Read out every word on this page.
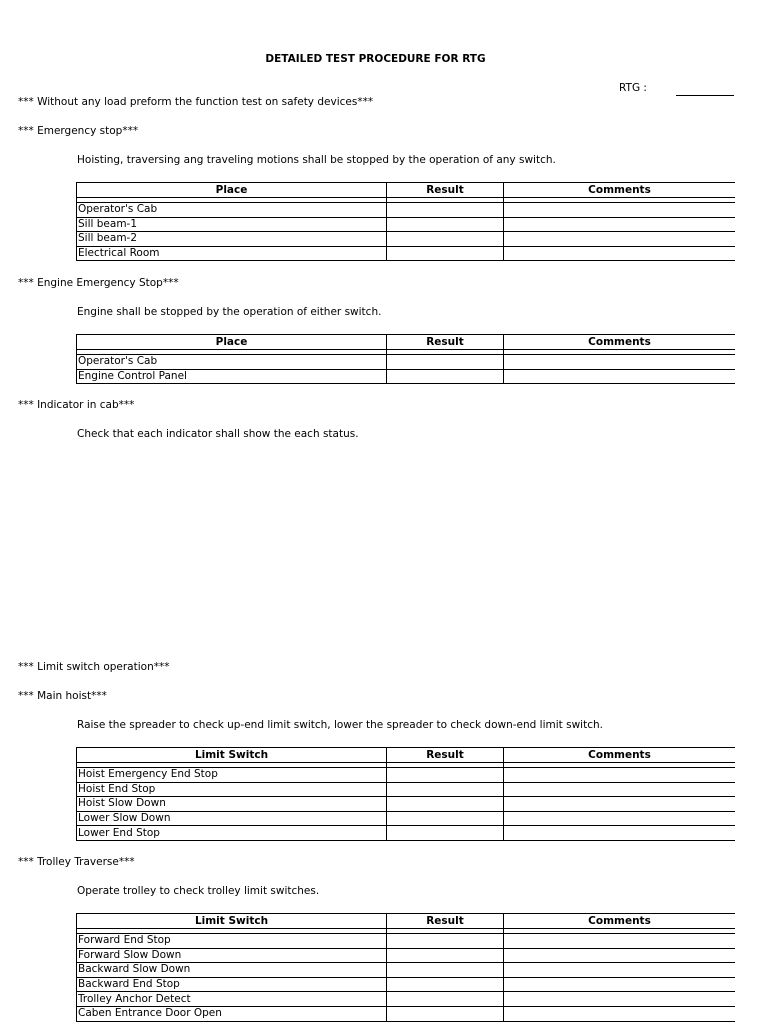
DETAILED TEST PROCEDURE FOR RTG
RTG :
*** Without any load preform the function test on safety devices***
*** Emergency stop***
Hoisting, traversing ang traveling motions shall be stopped by the operation of any switch.
Place	Result	Comments

Operator's Cab		
Sill beam-1		
Sill beam-2		
Electrical Room		
*** Engine Emergency Stop***
Engine shall be stopped by the operation of either switch.
Place	Result	Comments

Operator's Cab		
Engine Control Panel		
*** Indicator in cab***
Check that each indicator shall show the each status.
*** Limit switch operation***
*** Main hoist***
Raise the spreader to check up-end limit switch, lower the spreader to check down-end limit switch.
Limit Switch	Result	Comments

Hoist Emergency End Stop		
Hoist End Stop		
Hoist Slow Down		
Lower Slow Down		
Lower End Stop		
*** Trolley Traverse***
Operate trolley to check trolley limit switches.
Limit Switch	Result	Comments

Forward End Stop		
Forward Slow Down		
Backward Slow Down		
Backward End Stop		
Trolley Anchor Detect		
Caben Entrance Door Open		
